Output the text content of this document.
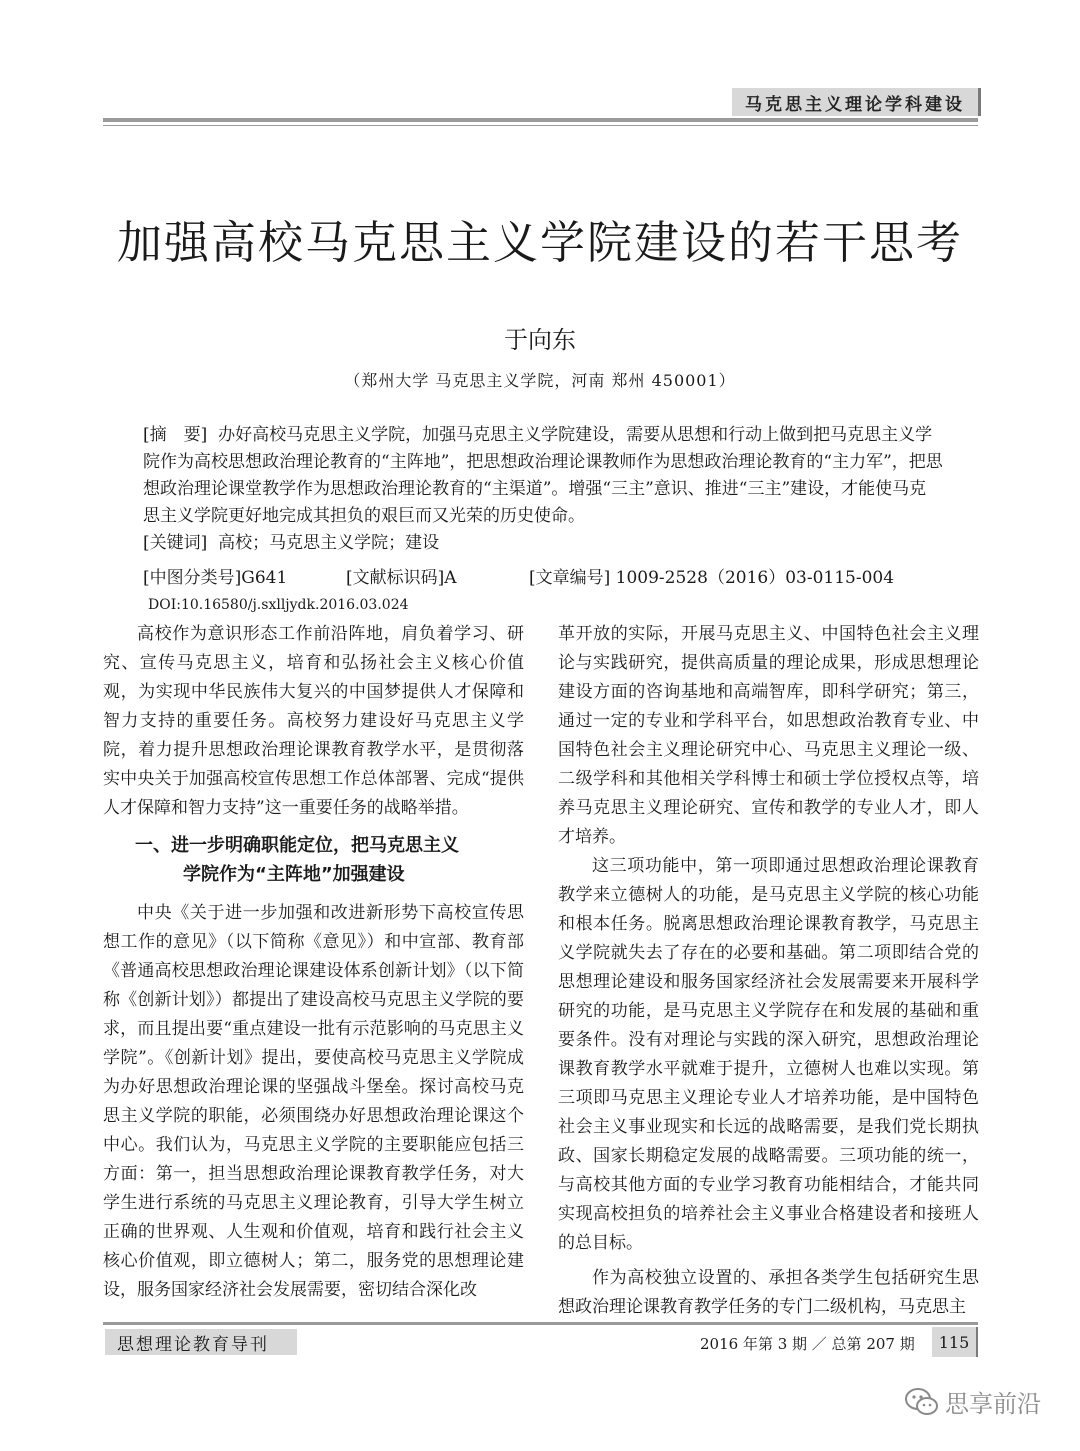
马克思主义理论学科建设
加强高校马克思主义学院建设的若干思考
于向东
（郑州大学 马克思主义学院，河南 郑州 450001）

[摘　要] 办好高校马克思主义学院，加强马克思主义学院建设，需要从思想和行动上做到把马克思主义学院作为高校思想政治理论教育的“主阵地”，把思想政治理论课教师作为思想政治理论教育的“主力军”，把思想政治理论课堂教学作为思想政治理论教育的“主渠道”。增强“三主”意识、推进“三主”建设，才能使马克思主义学院更好地完成其担负的艰巨而又光荣的历史使命。

[关键词] 高校；马克思主义学院；建设

[中图分类号]G641	[文献标识码]A	[文章编号] 1009-2528（2016）03-0115-004
DOI:10.16580/j.sxlljydk.2016.03.024

高校作为意识形态工作前沿阵地，肩负着学习、研究、宣传马克思主义，培育和弘扬社会主义核心价值观，为实现中华民族伟大复兴的中国梦提供人才保障和智力支持的重要任务。高校努力建设好马克思主义学院，着力提升思想政治理论课教育教学水平，是贯彻落实中央关于加强高校宣传思想工作总体部署、完成“提供人才保障和智力支持”这一重要任务的战略举措。

一、进一步明确职能定位，把马克思主义
学院作为“主阵地”加强建设

中央《关于进一步加强和改进新形势下高校宣传思想工作的意见》（以下简称《意见》）和中宣部、教育部《普通高校思想政治理论课建设体系创新计划》（以下简称《创新计划》）都提出了建设高校马克思主义学院的要求，而且提出要“重点建设一批有示范影响的马克思主义学院”。《创新计划》提出，要使高校马克思主义学院成为办好思想政治理论课的坚强战斗堡垒。探讨高校马克思主义学院的职能，必须围绕办好思想政治理论课这个中心。我们认为，马克思主义学院的主要职能应包括三方面：第一，担当思想政治理论课教育教学任务，对大学生进行系统的马克思主义理论教育，引导大学生树立正确的世界观、人生观和价值观，培育和践行社会主义核心价值观，即立德树人；第二，服务党的思想理论建设，服务国家经济社会发展需要，密切结合深化改

革开放的实际，开展马克思主义、中国特色社会主义理论与实践研究，提供高质量的理论成果，形成思想理论建设方面的咨询基地和高端智库，即科学研究；第三，通过一定的专业和学科平台，如思想政治教育专业、中国特色社会主义理论研究中心、马克思主义理论一级、二级学科和其他相关学科博士和硕士学位授权点等，培养马克思主义理论研究、宣传和教学的专业人才，即人才培养。

这三项功能中，第一项即通过思想政治理论课教育教学来立德树人的功能，是马克思主义学院的核心功能和根本任务。脱离思想政治理论课教育教学，马克思主义学院就失去了存在的必要和基础。第二项即结合党的思想理论建设和服务国家经济社会发展需要来开展科学研究的功能，是马克思主义学院存在和发展的基础和重要条件。没有对理论与实践的深入研究，思想政治理论课教育教学水平就难于提升，立德树人也难以实现。第三项即马克思主义理论专业人才培养功能，是中国特色社会主义事业现实和长远的战略需要，是我们党长期执政、国家长期稳定发展的战略需要。三项功能的统一，与高校其他方面的专业学习教育功能相结合，才能共同实现高校担负的培养社会主义事业合格建设者和接班人的总目标。

作为高校独立设置的、承担各类学生包括研究生思想政治理论课教育教学任务的专门二级机构，马克思主

思想理论教育导刊	2016 年第 3 期 ／ 总第 207 期	115
思享前沿
